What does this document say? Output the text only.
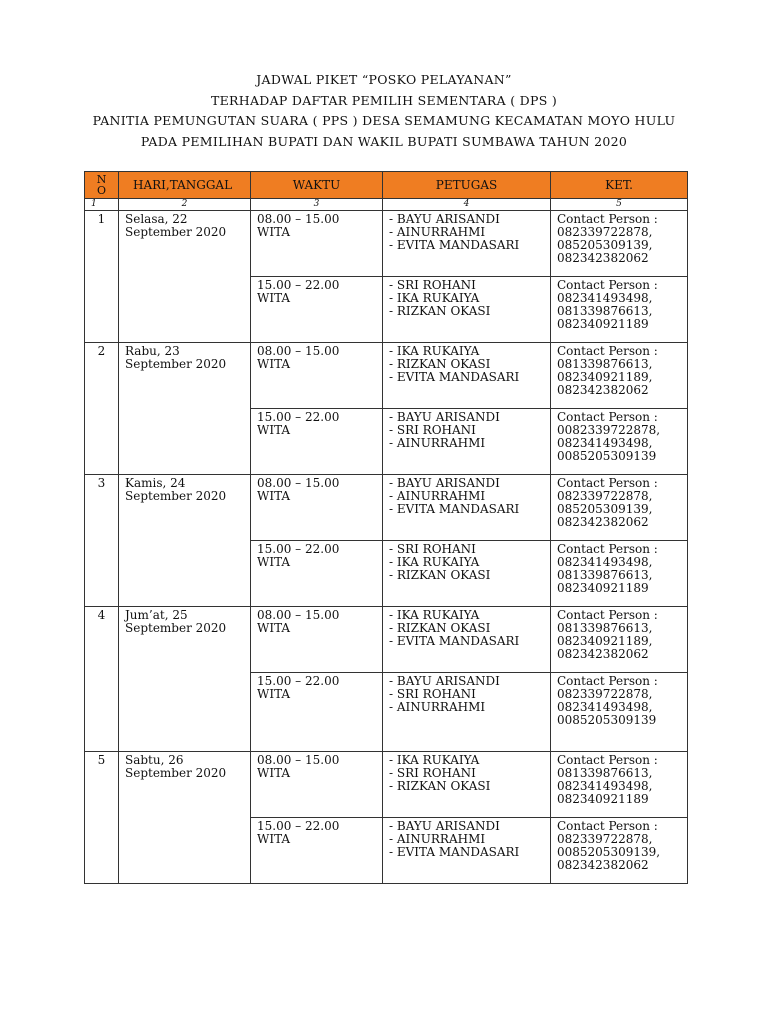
JADWAL PIKET “POSKO PELAYANAN”
TERHADAP DAFTAR PEMILIH SEMENTARA ( DPS )
PANITIA PEMUNGUTAN SUARA ( PPS ) DESA SEMAMUNG KECAMATAN MOYO HULU
PADA PEMILIHAN BUPATI DAN WAKIL BUPATI SUMBAWA TAHUN 2020
N
O	HARI,TANGGAL	WAKTU	PETUGAS	KET.
1	2	3	4	5
1	Selasa, 22
September 2020	08.00 – 15.00
WITA	- BAYU ARISANDI
- AINURRAHMI
- EVITA MANDASARI	Contact Person :
082339722878,
085205309139,
082342382062

		15.00 – 22.00
WITA	- SRI ROHANI
- IKA RUKAIYA
- RIZKAN OKASI	Contact Person :
082341493498,
081339876613,
082340921189

2	Rabu, 23
September 2020	08.00 – 15.00
WITA	- IKA RUKAIYA
- RIZKAN OKASI
- EVITA MANDASARI	Contact Person :
081339876613,
082340921189,
082342382062

		15.00 – 22.00
WITA	- BAYU ARISANDI
- SRI ROHANI
- AINURRAHMI	Contact Person :
0082339722878,
082341493498,
0085205309139

3	Kamis, 24
September 2020	08.00 – 15.00
WITA	- BAYU ARISANDI
- AINURRAHMI
- EVITA MANDASARI	Contact Person :
082339722878,
085205309139,
082342382062

		15.00 – 22.00
WITA	- SRI ROHANI
- IKA RUKAIYA
- RIZKAN OKASI	Contact Person :
082341493498,
081339876613,
082340921189

4	Jum’at, 25
September 2020	08.00 – 15.00
WITA	- IKA RUKAIYA
- RIZKAN OKASI
- EVITA MANDASARI	Contact Person :
081339876613,
082340921189,
082342382062

		15.00 – 22.00
WITA	- BAYU ARISANDI
- SRI ROHANI
- AINURRAHMI	Contact Person :
082339722878,
082341493498,
0085205309139

5	Sabtu, 26
September 2020	08.00 – 15.00
WITA	- IKA RUKAIYA
- SRI ROHANI
- RIZKAN OKASI	Contact Person :
081339876613,
082341493498,
082340921189

		15.00 – 22.00
WITA	- BAYU ARISANDI
- AINURRAHMI
- EVITA MANDASARI	Contact Person :
082339722878,
0085205309139,
082342382062
